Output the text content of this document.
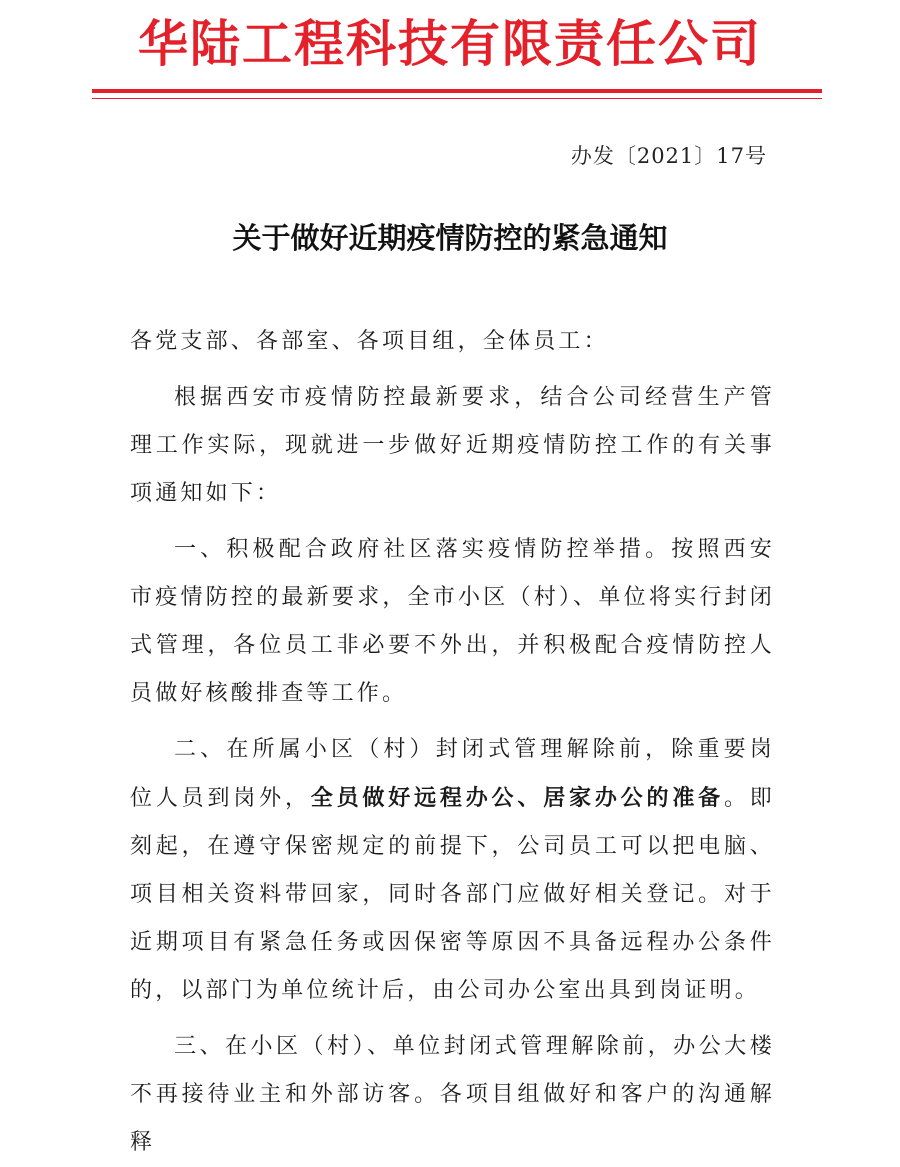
华陆工程科技有限责任公司
办发〔2021〕17号
关于做好近期疫情防控的紧急通知
各党支部、各部室、各项目组，全体员工：

根据西安市疫情防控最新要求，结合公司经营生产管理工作实际，现就进一步做好近期疫情防控工作的有关事项通知如下：

一、积极配合政府社区落实疫情防控举措。按照西安市疫情防控的最新要求，全市小区（村）、单位将实行封闭式管理，各位员工非必要不外出，并积极配合疫情防控人员做好核酸排查等工作。

二、在所属小区（村）封闭式管理解除前，除重要岗位人员到岗外，全员做好远程办公、居家办公的准备。即刻起，在遵守保密规定的前提下，公司员工可以把电脑、项目相关资料带回家，同时各部门应做好相关登记。对于近期项目有紧急任务或因保密等原因不具备远程办公条件的，以部门为单位统计后，由公司办公室出具到岗证明。

三、在小区（村）、单位封闭式管理解除前，办公大楼不再接待业主和外部访客。各项目组做好和客户的沟通解释
